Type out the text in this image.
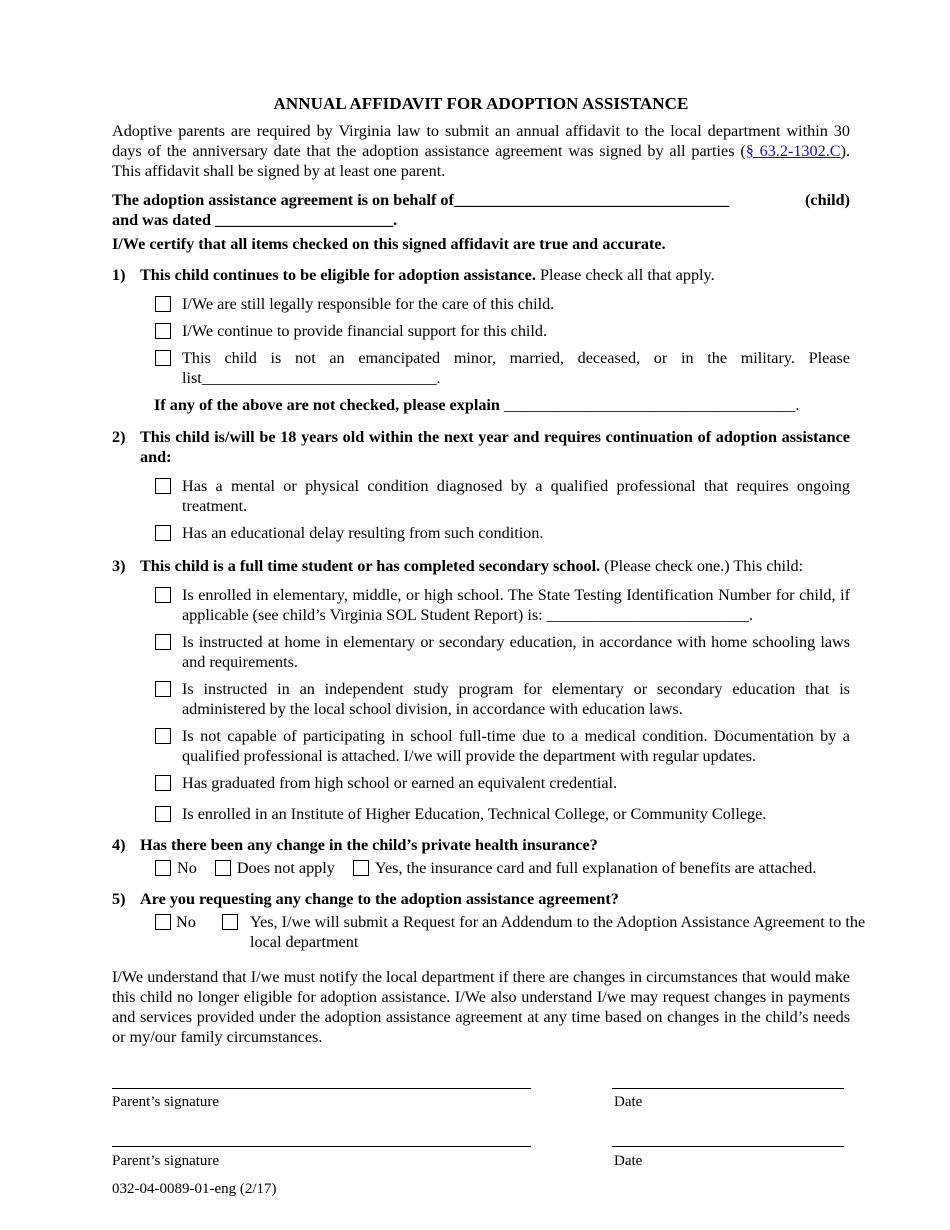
ANNUAL AFFIDAVIT FOR ADOPTION ASSISTANCE

Adoptive parents are required by Virginia law to submit an annual affidavit to the local department within 30 days of the anniversary date that the adoption assistance agreement was signed by all parties (§ 63.2-1302.C). This affidavit shall be signed by at least one parent.

(child)
The adoption assistance agreement is on behalf of__________________________________
and was dated ______________________.
I/We certify that all items checked on this signed affidavit are true and accurate.
1) This child continues to be eligible for adoption assistance. Please check all that apply.
I/We are still legally responsible for the care of this child.
I/We continue to provide financial support for this child.
This child is not an emancipated minor, married, deceased, or in the military. Please list_____________________________.
If any of the above are not checked, please explain ____________________________________.
2) This child is/will be 18 years old within the next year and requires continuation of adoption assistance and:
Has a mental or physical condition diagnosed by a qualified professional that requires ongoing treatment.
Has an educational delay resulting from such condition.
3) This child is a full time student or has completed secondary school. (Please check one.) This child:
Is enrolled in elementary, middle, or high school. The State Testing Identification Number for child, if applicable (see child’s Virginia SOL Student Report) is: _________________________.
Is instructed at home in elementary or secondary education, in accordance with home schooling laws and requirements.
Is instructed in an independent study program for elementary or secondary education that is administered by the local school division, in accordance with education laws.
Is not capable of participating in school full-time due to a medical condition. Documentation by a qualified professional is attached. I/we will provide the department with regular updates.
Has graduated from high school or earned an equivalent credential.
Is enrolled in an Institute of Higher Education, Technical College, or Community College.
4) Has there been any change in the child’s private health insurance?
No Does not apply Yes, the insurance card and full explanation of benefits are attached.
5) Are you requesting any change to the adoption assistance agreement?
No	Yes, I/we will submit a Request for an Addendum to the Adoption Assistance Agreement to the local department

I/We understand that I/we must notify the local department if there are changes in circumstances that would make this child no longer eligible for adoption assistance. I/We also understand I/we may request changes in payments and services provided under the adoption assistance agreement at any time based on changes in the child’s needs or my/our family circumstances.

Parent’s signature	Date
Parent’s signature	Date
032-04-0089-01-eng (2/17)
